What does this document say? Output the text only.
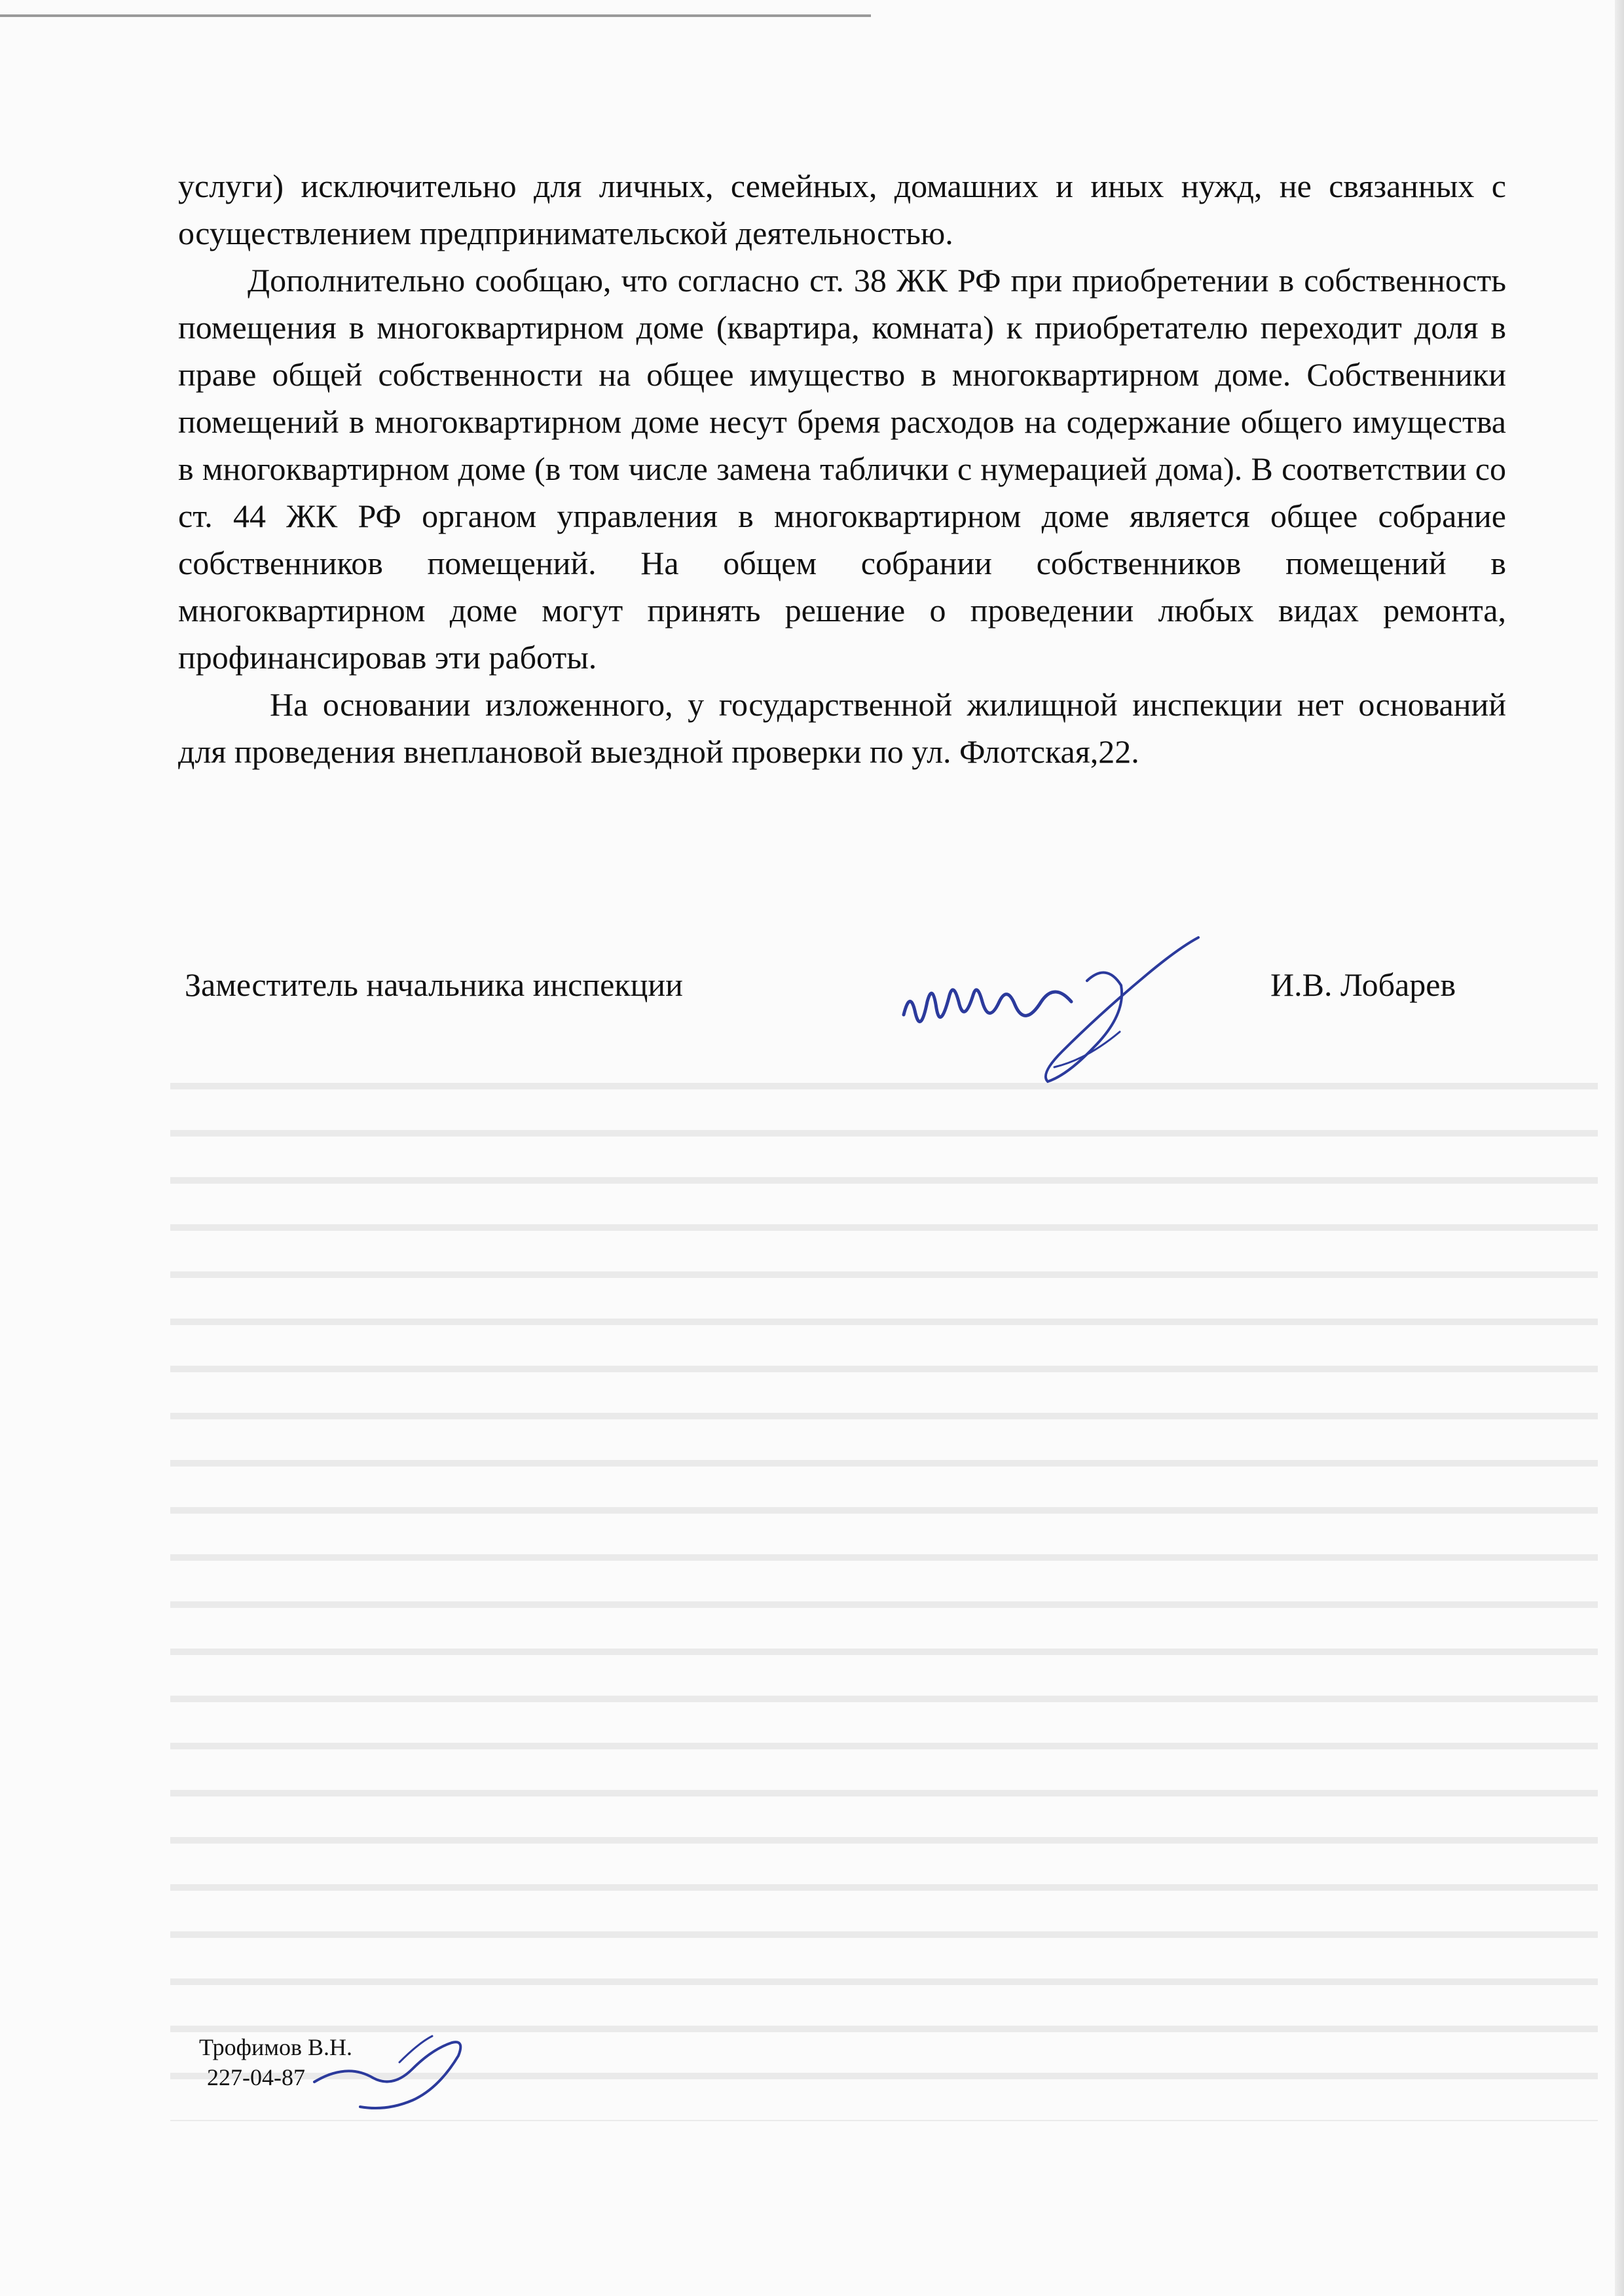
услуги) исключительно для личных, семейных, домашних и иных нужд, не связанных с осуществлением предпринимательской деятельностью.

Дополнительно сообщаю, что согласно ст. 38 ЖК РФ при приобретении в собственность помещения в многоквартирном доме (квартира, комната) к приобретателю переходит доля в праве общей собственности на общее имущество в многоквартирном доме. Собственники помещений в многоквартирном доме несут бремя расходов на содержание общего имущества в многоквартирном доме (в том числе замена таблички с нумерацией дома). В соответствии со ст. 44 ЖК РФ органом управления в многоквартирном доме является общее собрание собственников помещений. На общем собрании собственников помещений в многоквартирном доме могут принять решение о проведении любых видах ремонта, профинансировав эти работы.

На основании изложенного, у государственной жилищной инспекции нет оснований для проведения внеплановой выездной проверки по ул. Флотская,22.

Заместитель начальника инспекции	И.В. Лобарев
Трофимов В.Н.
227-04-87
